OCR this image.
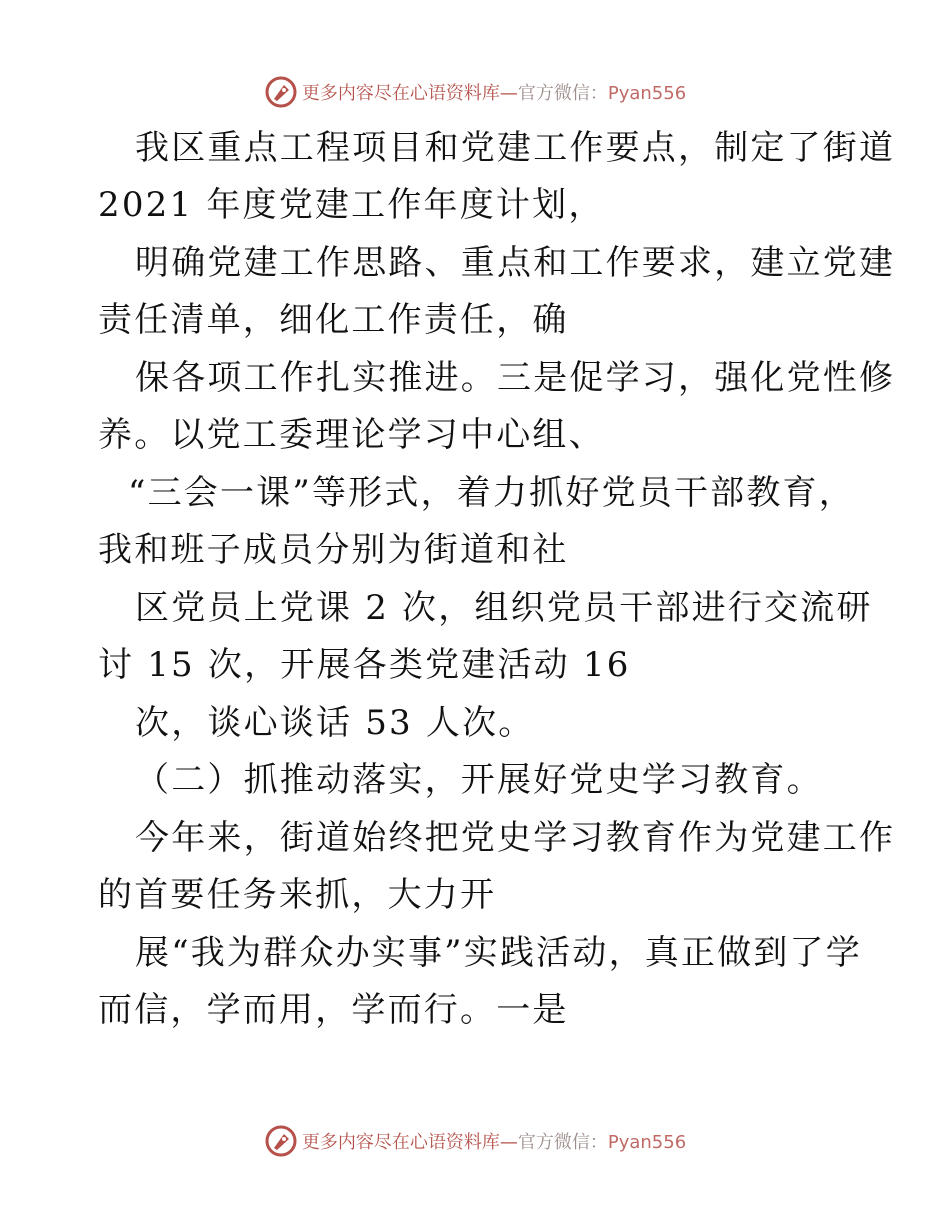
更多内容尽在心语资料库—官方微信：Pyan556
我区重点工程项目和党建工作要点，制定了街道
2021 年度党建工作年度计划，
明确党建工作思路、重点和工作要求，建立党建
责任清单，细化工作责任，确
保各项工作扎实推进。三是促学习，强化党性修
养。以党工委理论学习中心组、
“三会一课”等形式，着力抓好党员干部教育，
我和班子成员分别为街道和社
区党员上党课 2 次，组织党员干部进行交流研
讨 15 次，开展各类党建活动 16
次，谈心谈话 53 人次。
（二）抓推动落实，开展好党史学习教育。
今年来，街道始终把党史学习教育作为党建工作
的首要任务来抓，大力开
展“我为群众办实事”实践活动，真正做到了学
而信，学而用，学而行。一是
更多内容尽在心语资料库—官方微信：Pyan556
